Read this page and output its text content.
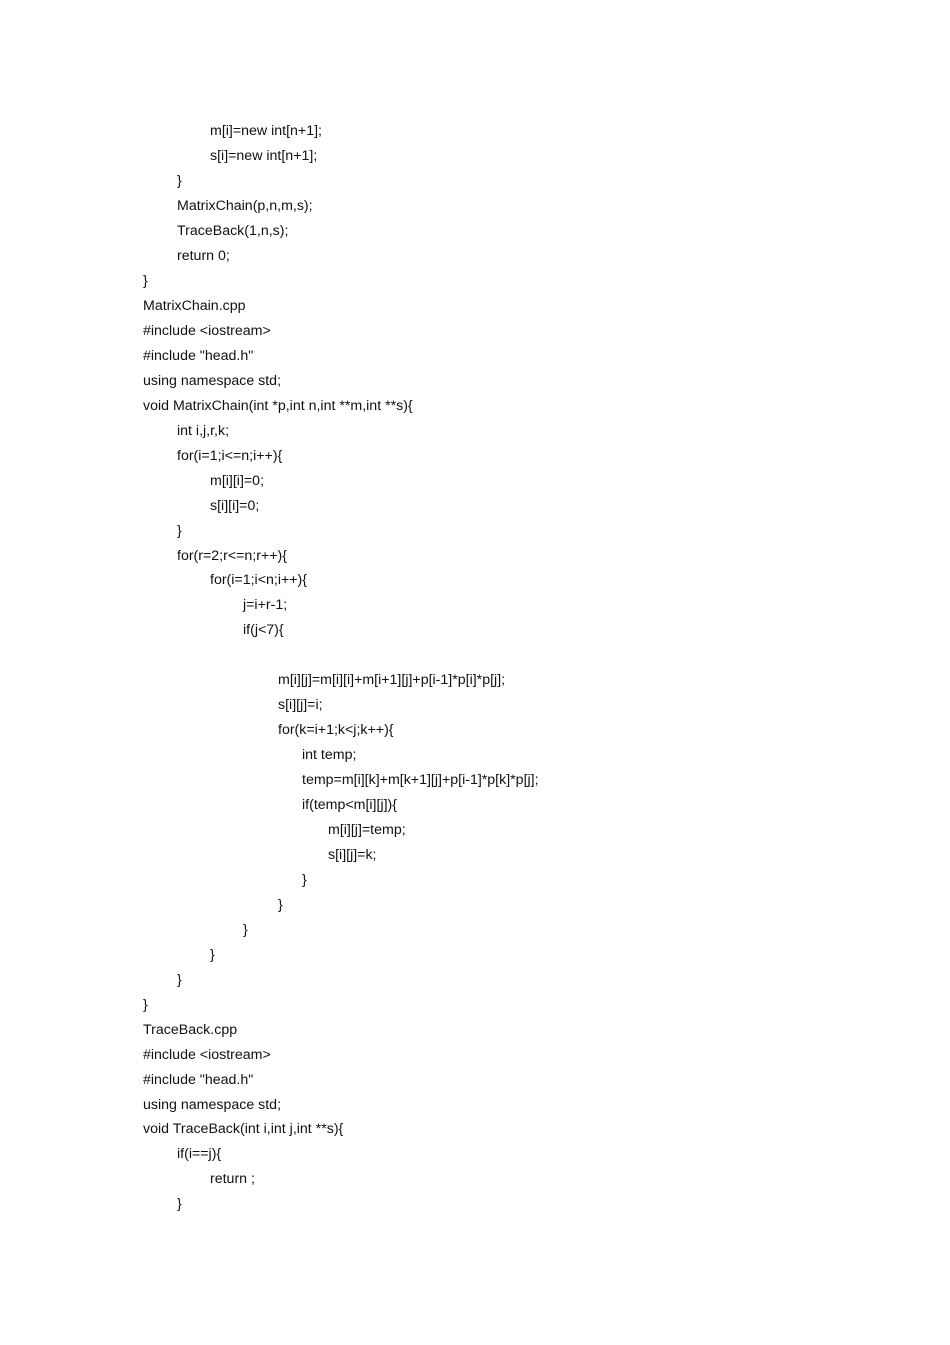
m[i]=new int[n+1];
s[i]=new int[n+1];
}
MatrixChain(p,n,m,s);
TraceBack(1,n,s);
return 0;
}
MatrixChain.cpp
#include <iostream>
#include "head.h"
using namespace std;
void MatrixChain(int *p,int n,int **m,int **s){
int i,j,r,k;
for(i=1;i<=n;i++){
m[i][i]=0;
s[i][i]=0;
}
for(r=2;r<=n;r++){
for(i=1;i<n;i++){
j=i+r-1;
if(j<7){
m[i][j]=m[i][i]+m[i+1][j]+p[i-1]*p[i]*p[j];
s[i][j]=i;
for(k=i+1;k<j;k++){
int temp;
temp=m[i][k]+m[k+1][j]+p[i-1]*p[k]*p[j];
if(temp<m[i][j]){
m[i][j]=temp;
s[i][j]=k;
}
}
}
}
}
}
TraceBack.cpp
#include <iostream>
#include "head.h"
using namespace std;
void TraceBack(int i,int j,int **s){
if(i==j){
return ;
}
